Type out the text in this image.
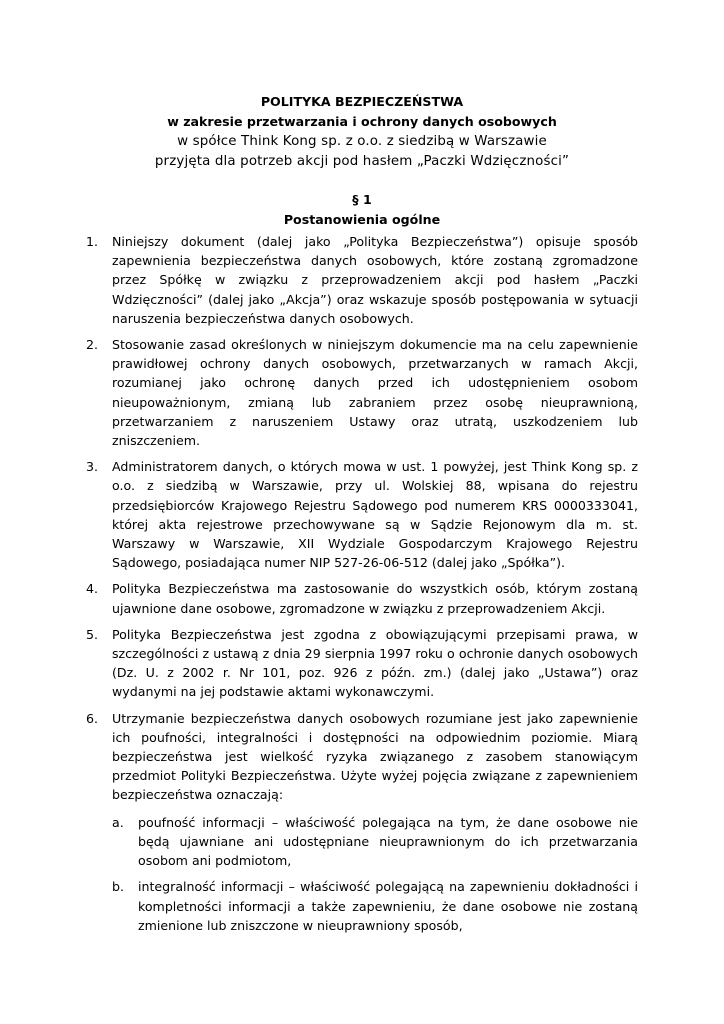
POLITYKA BEZPIECZEŃSTWA
w zakresie przetwarzania i ochrony danych osobowych
w spółce Think Kong sp. z o.o. z siedzibą w Warszawie
przyjęta dla potrzeb akcji pod hasłem „Paczki Wdzięczności”
§ 1
Postanowienia ogólne
1. Niniejszy dokument (dalej jako „Polityka Bezpieczeństwa”) opisuje sposób zapewnienia bezpieczeństwa danych osobowych, które zostaną zgromadzone przez Spółkę w związku z przeprowadzeniem akcji pod hasłem „Paczki Wdzięczności” (dalej jako „Akcja”) oraz wskazuje sposób postępowania w sytuacji naruszenia bezpieczeństwa danych osobowych.
2. Stosowanie zasad określonych w niniejszym dokumencie ma na celu zapewnienie prawidłowej ochrony danych osobowych, przetwarzanych w ramach Akcji, rozumianej jako ochronę danych przed ich udostępnieniem osobom nieupoważnionym, zmianą lub zabraniem przez osobę nieuprawnioną, przetwarzaniem z naruszeniem Ustawy oraz utratą, uszkodzeniem lub zniszczeniem.
3. Administratorem danych, o których mowa w ust. 1 powyżej, jest Think Kong sp. z o.o. z siedzibą w Warszawie, przy ul. Wolskiej 88, wpisana do rejestru przedsiębiorców Krajowego Rejestru Sądowego pod numerem KRS 0000333041, której akta rejestrowe przechowywane są w Sądzie Rejonowym dla m. st. Warszawy w Warszawie, XII Wydziale Gospodarczym Krajowego Rejestru Sądowego, posiadająca numer NIP 527-26-06-512 (dalej jako „Spółka”).
4. Polityka Bezpieczeństwa ma zastosowanie do wszystkich osób, którym zostaną ujawnione dane osobowe, zgromadzone w związku z przeprowadzeniem Akcji.
5. Polityka Bezpieczeństwa jest zgodna z obowiązującymi przepisami prawa, w szczególności z ustawą z dnia 29 sierpnia 1997 roku o ochronie danych osobowych (Dz. U. z 2002 r. Nr 101, poz. 926 z późn. zm.) (dalej jako „Ustawa”) oraz wydanymi na jej podstawie aktami wykonawczymi.
6. Utrzymanie bezpieczeństwa danych osobowych rozumiane jest jako zapewnienie ich poufności, integralności i dostępności na odpowiednim poziomie. Miarą bezpieczeństwa jest wielkość ryzyka związanego z zasobem stanowiącym przedmiot Polityki Bezpieczeństwa. Użyte wyżej pojęcia związane z zapewnieniem bezpieczeństwa oznaczają:
a. poufność informacji – właściwość polegająca na tym, że dane osobowe nie będą ujawniane ani udostępniane nieuprawnionym do ich przetwarzania osobom ani podmiotom,
b. integralność informacji – właściwość polegającą na zapewnieniu dokładności i kompletności informacji a także zapewnieniu, że dane osobowe nie zostaną zmienione lub zniszczone w nieuprawniony sposób,
